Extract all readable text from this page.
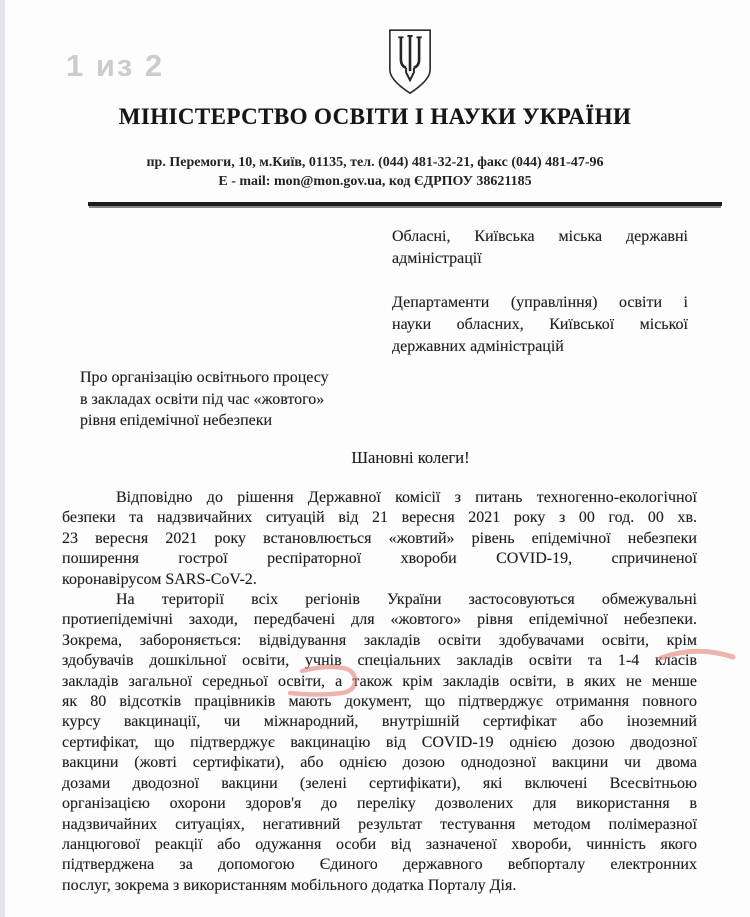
1 из 2
МІНІСТЕРСТВО ОСВІТИ І НАУКИ УКРАЇНИ
пр. Перемоги, 10, м.Київ, 01135, тел. (044) 481-32-21, факс (044) 481-47-96
Е - mail: mon@mon.gov.ua, код ЄДРПОУ 38621185
Обласні, Київська міська державні
адміністрації
Департаменти (управління) освіти і
науки обласних, Київської міської
державних адміністрацій
Про організацію освітнього процесу
в закладах освіти під час «жовтого»
рівня епідемічної небезпеки
Шановні колеги!
Відповідно до рішення Державної комісії з питань техногенно-екологічної
безпеки та надзвичайних ситуацій від 21 вересня 2021 року з 00 год. 00 хв.
23 вересня 2021 року встановлюється «жовтий» рівень епідемічної небезпеки
поширення гострої респіраторної хвороби COVID-19, спричиненої
коронавірусом SARS-CoV-2.
На території всіх регіонів України застосовуються обмежувальні
протиепідемічні заходи, передбачені для «жовтого» рівня епідемічної небезпеки.
Зокрема, забороняється: відвідування закладів освіти здобувачами освіти, крім
здобувачів дошкільної освіти, учнів спеціальних закладів освіти та 1-4 класів
закладів загальної середньої освіти, а також крім закладів освіти, в яких не менше
як 80 відсотків працівників мають документ, що підтверджує отримання повного
курсу вакцинації, чи міжнародний, внутрішній сертифікат або іноземний
сертифікат, що підтверджує вакцинацію від COVID-19 однією дозою дводозної
вакцини (жовті сертифікати), або однією дозою однодозної вакцини чи двома
дозами дводозної вакцини (зелені сертифікати), які включені Всесвітньою
організацією охорони здоров'я до переліку дозволених для використання в
надзвичайних ситуаціях, негативний результат тестування методом полімеразної
ланцюгової реакції або одужання особи від зазначеної хвороби, чинність якого
підтверджена за допомогою Єдиного державного вебпорталу електронних
послуг, зокрема з використанням мобільного додатка Порталу Дія.
